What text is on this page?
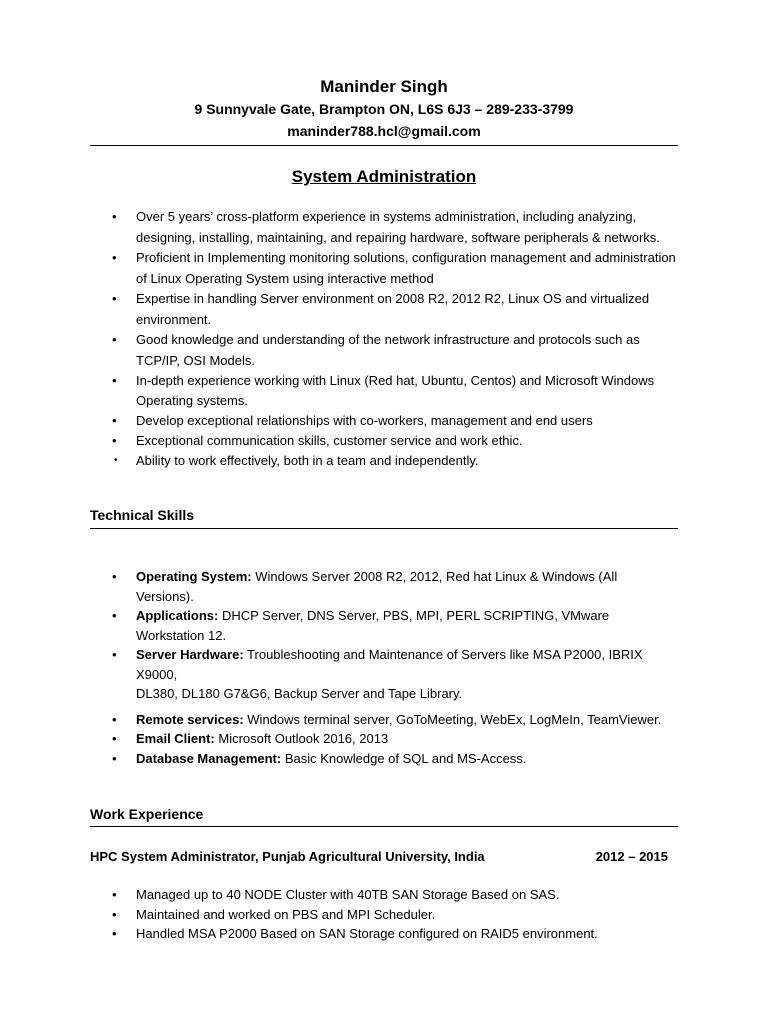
Maninder Singh
9 Sunnyvale Gate, Brampton ON, L6S 6J3 – 289-233-3799
maninder788.hcl@gmail.com
System Administration
• Over 5 years’ cross-platform experience in systems administration, including analyzing, designing, installing, maintaining, and repairing hardware, software peripherals & networks.
• Proficient in Implementing monitoring solutions, configuration management and administration of Linux Operating System using interactive method
• Expertise in handling Server environment on 2008 R2, 2012 R2, Linux OS and virtualized environment.
• Good knowledge and understanding of the network infrastructure and protocols such as TCP/IP, OSI Models.
• In-depth experience working with Linux (Red hat, Ubuntu, Centos) and Microsoft Windows Operating systems.
• Develop exceptional relationships with co-workers, management and end users
• Exceptional communication skills, customer service and work ethic.
• Ability to work effectively, both in a team and independently.
Technical Skills
• Operating System: Windows Server 2008 R2, 2012, Red hat Linux & Windows (All Versions).
• Applications: DHCP Server, DNS Server, PBS, MPI, PERL SCRIPTING, VMware Workstation 12.
• Server Hardware: Troubleshooting and Maintenance of Servers like MSA P2000, IBRIX X9000,
DL380, DL180 G7&G6, Backup Server and Tape Library.
• Remote services: Windows terminal server, GoToMeeting, WebEx, LogMeIn, TeamViewer.
• Email Client: Microsoft Outlook 2016, 2013
• Database Management: Basic Knowledge of SQL and MS-Access.
Work Experience
HPC System Administrator, Punjab Agricultural University, India	2012 – 2015
• Managed up to 40 NODE Cluster with 40TB SAN Storage Based on SAS.
• Maintained and worked on PBS and MPI Scheduler.
• Handled MSA P2000 Based on SAN Storage configured on RAID5 environment.
